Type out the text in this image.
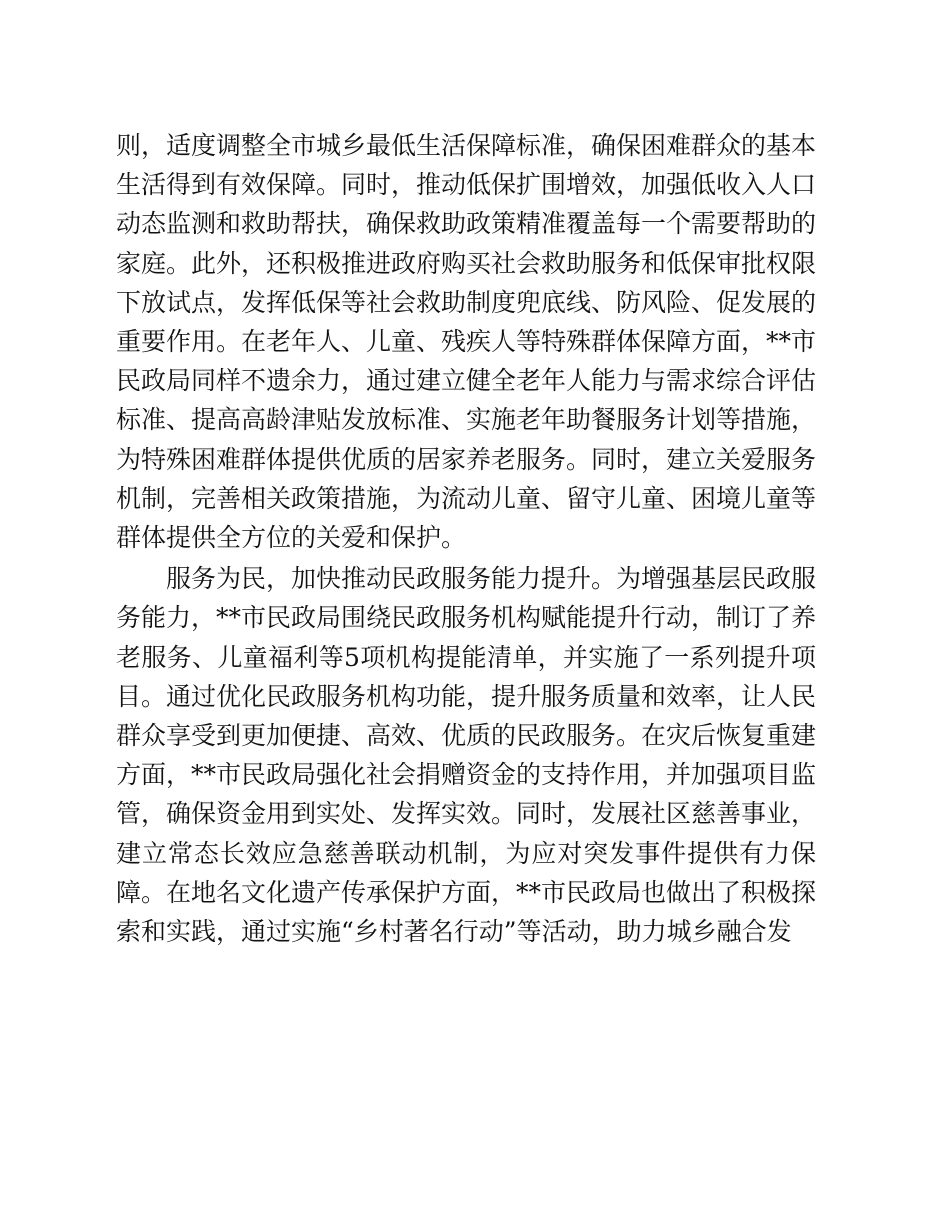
则，适度调整全市城乡最低生活保障标准，确保困难群众的基本生活得到有效保障。同时，推动低保扩围增效，加强低收入人口动态监测和救助帮扶，确保救助政策精准覆盖每一个需要帮助的家庭。此外，还积极推进政府购买社会救助服务和低保审批权限下放试点，发挥低保等社会救助制度兜底线、防风险、促发展的重要作用。在老年人、儿童、残疾人等特殊群体保障方面，**市民政局同样不遗余力，通过建立健全老年人能力与需求综合评估标准、提高高龄津贴发放标准、实施老年助餐服务计划等措施，为特殊困难群体提供优质的居家养老服务。同时，建立关爱服务机制，完善相关政策措施，为流动儿童、留守儿童、困境儿童等群体提供全方位的关爱和保护。

服务为民，加快推动民政服务能力提升。为增强基层民政服务能力，**市民政局围绕民政服务机构赋能提升行动，制订了养老服务、儿童福利等5项机构提能清单，并实施了一系列提升项目。通过优化民政服务机构功能，提升服务质量和效率，让人民群众享受到更加便捷、高效、优质的民政服务。在灾后恢复重建方面，**市民政局强化社会捐赠资金的支持作用，并加强项目监管，确保资金用到实处、发挥实效。同时，发展社区慈善事业，建立常态长效应急慈善联动机制，为应对突发事件提供有力保障。在地名文化遗产传承保护方面，**市民政局也做出了积极探索和实践，通过实施“乡村著名行动”等活动，助力城乡融合发
